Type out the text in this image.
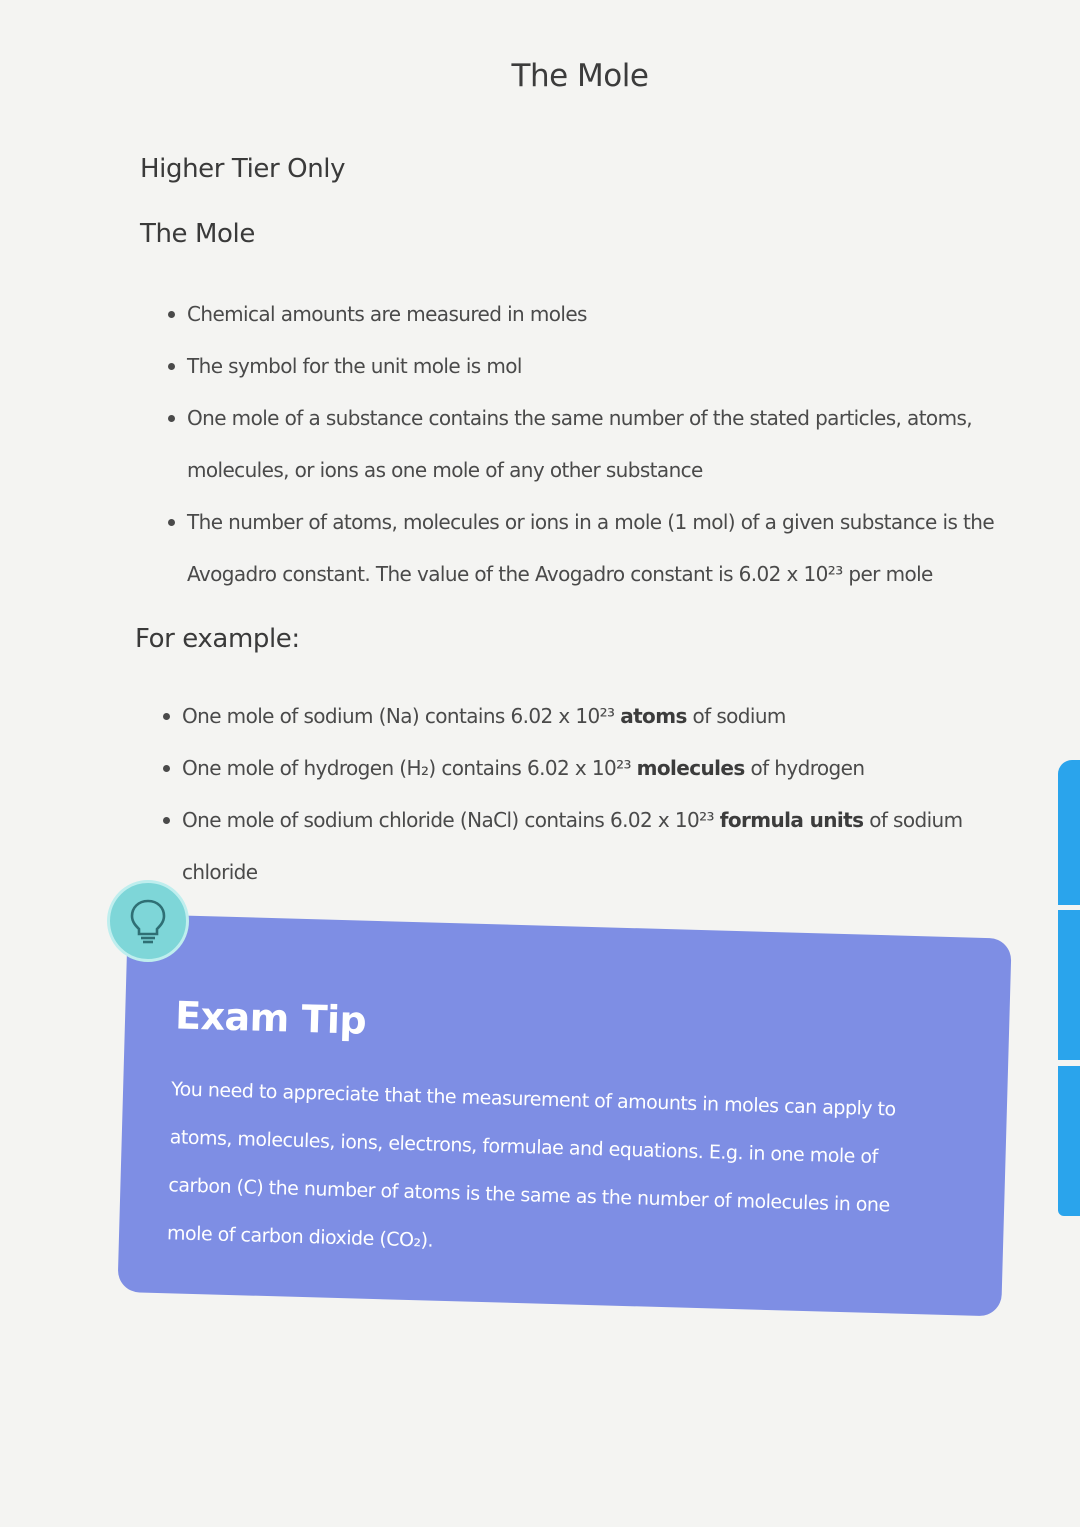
The Mole
Higher Tier Only
The Mole
Chemical amounts are measured in moles
The symbol for the unit mole is mol
One mole of a substance contains the same number of the stated particles, atoms, molecules, or ions as one mole of any other substance
The number of atoms, molecules or ions in a mole (1 mol) of a given substance is the Avogadro constant. The value of the Avogadro constant is 6.02 x 10²³ per mole
For example:
One mole of sodium (Na) contains 6.02 x 10²³ atoms of sodium
One mole of hydrogen (H₂) contains 6.02 x 10²³ molecules of hydrogen
One mole of sodium chloride (NaCl) contains 6.02 x 10²³ formula units of sodium chloride
Exam Tip
You need to appreciate that the measurement of amounts in moles can apply to atoms, molecules, ions, electrons, formulae and equations. E.g. in one mole of carbon (C) the number of atoms is the same as the number of molecules in one mole of carbon dioxide (CO₂).
